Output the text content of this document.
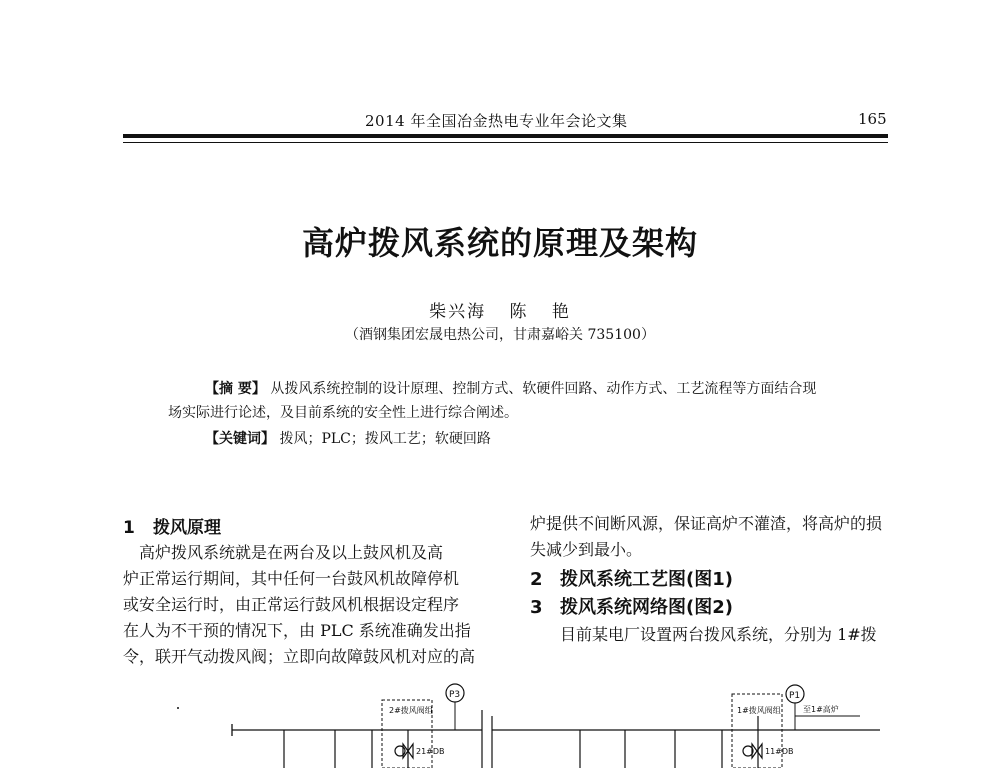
2014 年全国冶金热电专业年会论文集	165
高炉拨风系统的原理及架构
柴兴海 陈 艳
（酒钢集团宏晟电热公司，甘肃嘉峪关 735100）
【摘 要】 从拨风系统控制的设计原理、控制方式、软硬件回路、动作方式、工艺流程等方面结合现
场实际进行论述，及目前系统的安全性上进行综合阐述。
【关键词】 拨风；PLC；拨风工艺；软硬回路
1 拨风原理
　高炉拨风系统就是在两台及以上鼓风机及高
炉正常运行期间，其中任何一台鼓风机故障停机
或安全运行时，由正常运行鼓风机根据设定程序
在人为不干预的情况下，由 PLC 系统准确发出指
令，联开气动拨风阀；立即向故障鼓风机对应的高
炉提供不间断风源，保证高炉不灌渣，将高炉的损
失减少到最小。
2 拨风系统工艺图(图1)
3 拨风系统网络图(图2)
目前某电厂设置两台拨风系统，分别为 1#拨
2#拨风阀组
21#DB
P3
1#拨风阀组
11#DB
P1
至1#高炉
